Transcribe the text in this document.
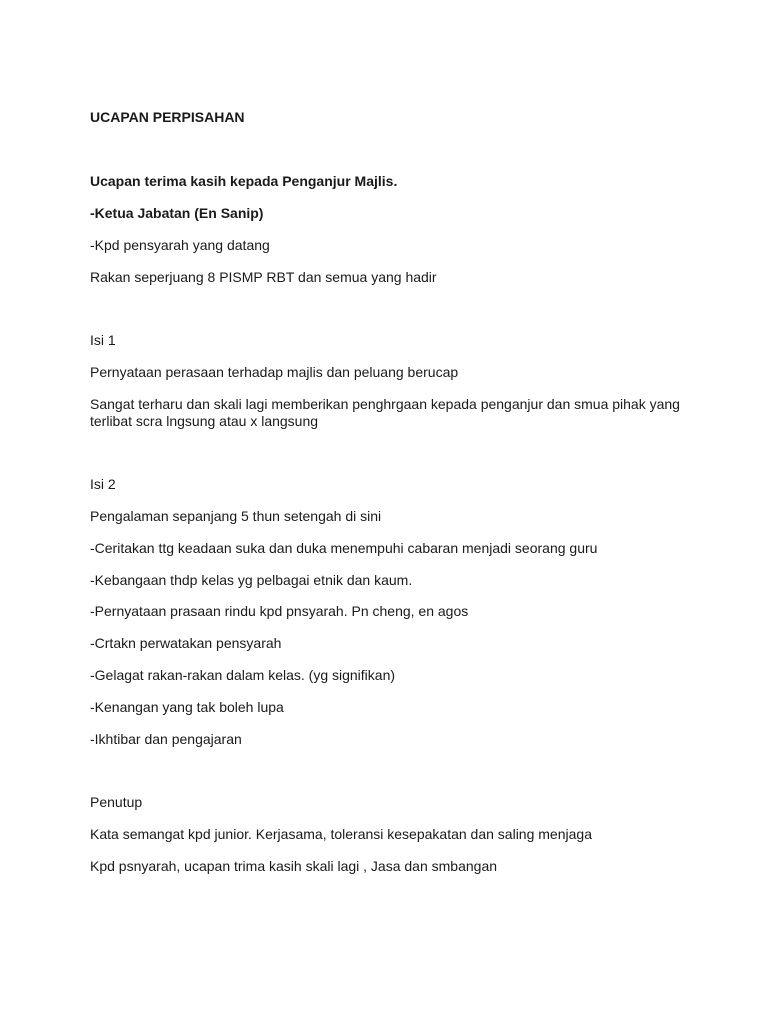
UCAPAN PERPISAHAN
Ucapan terima kasih kepada Penganjur Majlis.
-Ketua Jabatan (En Sanip)
-Kpd pensyarah yang datang
Rakan seperjuang 8 PISMP RBT dan semua yang hadir
Isi 1
Pernyataan perasaan terhadap majlis dan peluang berucap
Sangat terharu dan skali lagi memberikan penghrgaan kepada penganjur dan smua pihak yang terlibat scra lngsung atau x langsung
Isi 2
Pengalaman sepanjang 5 thun setengah di sini
-Ceritakan ttg keadaan suka dan duka menempuhi cabaran menjadi seorang guru
-Kebangaan thdp kelas yg pelbagai etnik dan kaum.
-Pernyataan prasaan rindu kpd pnsyarah. Pn cheng, en agos
-Crtakn perwatakan pensyarah
-Gelagat rakan-rakan dalam kelas. (yg signifikan)
-Kenangan yang tak boleh lupa
-Ikhtibar dan pengajaran
Penutup
Kata semangat kpd junior. Kerjasama, toleransi kesepakatan dan saling menjaga
Kpd psnyarah, ucapan trima kasih skali lagi , Jasa dan smbangan
